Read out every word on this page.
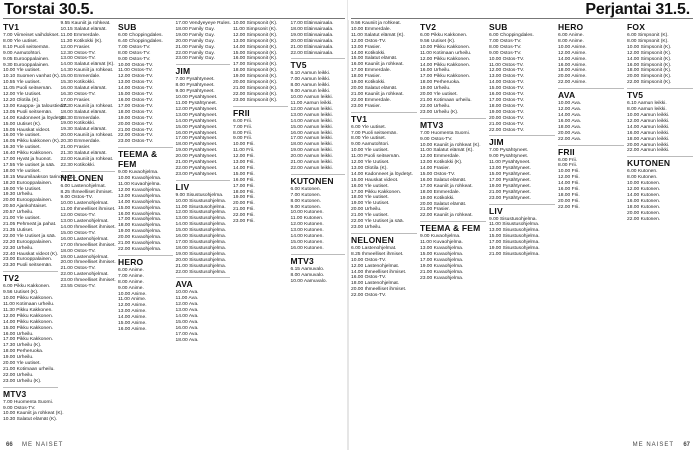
Torstai 30.5.
TV1
7.00 Viimeiset vaihdokset.
8.00 Yle uutiset.
8.10 Puoli seitsemän.
9.00 Aamutohtori.
9.05 Eurooppalainen.
9.30 Eurooppalainen.
10.00 Yle uutiset.
10.10 Suomen vanhat (K).
10.55 Yle uutiset.
11.05 Puoli seitsemän.
12.00 Yle Uutiset.
12.20 Olotila (K).
13.00 Kauppa- ja taloustiedot.
13.05 Puoli seitsemän.
14.00 Kadonneet ja löydetyt.
15.00 Uutiset (K).
15.05 Hauskat videot.
16.00 Yle uutiset.
16.05 Pikku kakkonen (K).
16.30 Yle uutiset.
16.40 Pikku Kakkonen.
17.00 Hyvät ja huonot.
17.55 Yle uutiset ja sää.
18.00 Yle uutiset.
18.15 Muumilaakson tarinoita (K).
18.20 Eurooppalainen.
19.00 Yle Uutiset.
19.30 Urheilu.
20.00 Eurooppalainen.
20.50 Ajankohtaiset.
20.57 Urheilu.
21.00 Yle uutiset.
21.05 Pehmeät ja pahat.
21.35 Uutiset.
22.00 Yle Uutiset ja sää.
22.20 Eurooppalainen.
22.30 Urheilu.
22.40 Hauskat videot (K).
23.00 Eurooppalainen.
23.30 Puoli seitsemän.
TV2
6.00 Pikku Kakkonen.
9.56 Uutiset (K).
10.00 Pikku Kakkonen.
11.00 Kotimaan urheilu.
11.30 Pikku Kakkonen.
12.00 Pikku Kakkonen.
14.00 Pikku Kakkonen.
15.00 Pikku Kakkonen.
16.00 Urheilu.
17.00 Pikku Kakkonen.
17.30 Urheilu (K).
18.00 Perheruoka.
19.00 Urheilu.
20.00 Yle uutiset.
21.00 Kotimaan urheilu.
22.00 Urheilu.
23.00 Urheilu (K).
MTV3
7.00 Huomenta Suomi.
9.00 Ostos-TV.
10.00 Kauniit ja rohkeat (K).
10.30 Salatut elämät (K).
9.55 Kauniit ja rohkeat.
10.15 Salatut elämät.
11.00 Emmerdale.
11.30 Kotikokki (K).
12.00 Frasier.
12.30 Ostos-TV.
13.00 Ostos-TV.
14.00 Salatut elämät (K).
14.30 Kauniit ja rohkeat.
15.00 Emmerdale.
15.30 Kotikokki.
16.00 Salatut elämät.
16.30 Ostos-TV.
17.00 Frasier.
17.30 Kauniit ja rohkeat.
18.00 Salatut elämät.
18.30 Emmerdale.
19.00 Kotikokki.
19.30 Salatut elämät.
20.00 Kauniit ja rohkeat.
20.30 Emmerdale.
21.00 Frasier.
21.30 Salatut elämät.
22.00 Kauniit ja rohkeat.
22.30 Kotikokki.
NELONEN
6.00 Lastenohjelmat.
8.25 Ihmeelliset ihmiset.
9.00 Ostos-TV.
10.00 Lastenohjelmat.
11.00 Ihmeelliset ihmiset.
12.00 Ostos-TV.
13.00 Lastenohjelmat.
14.00 Ihmeelliset ihmiset.
15.00 Ostos-TV.
16.00 Lastenohjelmat.
17.00 Ihmeelliset ihmiset.
18.00 Ostos-TV.
19.00 Lastenohjelmat.
20.00 Ihmeelliset ihmiset.
21.00 Ostos-TV.
22.00 Lastenohjelmat.
23.00 Ihmeelliset ihmiset.
23.55 Ostos-TV.
SUB
6.00 Choppingdales.
6.40 Choppingdales.
7.00 Ostos-TV.
8.00 Ostos-TV.
9.00 Ostos-TV.
10.00 Ostos-TV.
11.00 Ostos-TV.
12.00 Ostos-TV.
13.00 Ostos-TV.
14.00 Ostos-TV.
15.00 Ostos-TV.
16.00 Ostos-TV.
17.00 Ostos-TV.
18.00 Ostos-TV.
19.00 Ostos-TV.
20.00 Ostos-TV.
21.00 Ostos-TV.
22.00 Ostos-TV.
23.00 Ostos-TV.
TEEMA & FEM
9.00 Kuvaohjelma.
10.00 Kuvaohjelma.
11.00 Kuvaohjelma.
12.00 Kuvaohjelma.
13.00 Kuvaohjelma.
14.00 Kuvaohjelma.
15.00 Kuvaohjelma.
16.00 Kuvaohjelma.
17.00 Kuvaohjelma.
18.00 Kuvaohjelma.
19.00 Kuvaohjelma.
20.00 Kuvaohjelma.
21.00 Kuvaohjelma.
22.00 Kuvaohjelma.
HERO
6.00 Anime.
7.00 Anime.
8.00 Anime.
9.00 Anime.
10.00 Anime.
11.00 Anime.
12.00 Anime.
13.00 Anime.
14.00 Anime.
15.00 Anime.
16.00 Anime.
17.00 Vendyeyeye Rules.
18.00 Family Guy.
19.00 Family Guy.
20.00 Family Guy.
21.00 Family Guy.
22.00 Family Guy.
23.00 Family Guy.
JIM
7.00 Pysähtyneet.
8.00 Pysähtyneet.
9.00 Pysähtyneet.
10.00 Pysähtyneet.
11.00 Pysähtyneet.
12.00 Pysähtyneet.
13.00 Pysähtyneet.
14.00 Pysähtyneet.
15.00 Pysähtyneet.
16.00 Pysähtyneet.
17.00 Pysähtyneet.
18.00 Pysähtyneet.
19.00 Pysähtyneet.
20.00 Pysähtyneet.
21.00 Pysähtyneet.
22.00 Pysähtyneet.
23.00 Pysähtyneet.
LIV
9.00 Sisustusohjelma.
10.00 Sisustusohjelma.
11.00 Sisustusohjelma.
12.00 Sisustusohjelma.
13.00 Sisustusohjelma.
14.00 Sisustusohjelma.
15.00 Sisustusohjelma.
16.00 Sisustusohjelma.
17.00 Sisustusohjelma.
18.00 Sisustusohjelma.
19.00 Sisustusohjelma.
20.00 Sisustusohjelma.
21.00 Sisustusohjelma.
22.00 Sisustusohjelma.
AVA
10.00 Ava.
11.00 Ava.
12.00 Ava.
13.00 Ava.
14.00 Ava.
15.00 Ava.
16.00 Ava.
17.00 Ava.
18.00 Ava.
10.00 Simpsonit (K).
11.00 Simpsonit (K).
12.00 Simpsonit (K).
13.00 Simpsonit (K).
14.00 Simpsonit (K).
15.00 Simpsonit (K).
16.00 Simpsonit (K).
17.00 Simpsonit (K).
18.00 Simpsonit (K).
19.00 Simpsonit (K).
20.00 Simpsonit (K).
21.00 Simpsonit (K).
22.00 Simpsonit (K).
23.00 Simpsonit (K).
FRII
6.00 Frii.
7.00 Frii.
8.00 Frii.
9.00 Frii.
10.00 Frii.
11.00 Frii.
12.00 Frii.
13.00 Frii.
14.00 Frii.
15.00 Frii.
16.00 Frii.
17.00 Frii.
18.00 Frii.
19.00 Frii.
20.00 Frii.
21.00 Frii.
22.00 Frii.
23.00 Frii.
17.00 Eläinsairaala.
18.00 Eläinsairaala.
19.00 Eläinsairaala.
20.00 Eläinsairaala.
21.00 Eläinsairaala.
22.00 Eläinsairaala.
TV5
6.10 Aamun leikki.
7.00 Aamun leikki.
8.00 Aamun leikki.
9.00 Aamun leikki.
10.00 Aamun leikki.
11.00 Aamun leikki.
12.00 Aamun leikki.
13.00 Aamun leikki.
14.00 Aamun leikki.
15.00 Aamun leikki.
16.00 Aamun leikki.
17.00 Aamun leikki.
18.00 Aamun leikki.
19.00 Aamun leikki.
20.00 Aamun leikki.
21.00 Aamun leikki.
22.00 Aamun leikki.
KUTONEN
6.00 Kutonen.
7.00 Kutonen.
8.00 Kutonen.
9.00 Kutonen.
10.00 Kutonen.
11.00 Kutonen.
12.00 Kutonen.
13.00 Kutonen.
14.00 Kutonen.
15.00 Kutonen.
16.00 Kutonen.
MTV3
6.15 Aamuvalo.
8.00 Aamuvalo.
10.00 Aamuvalo.
66 ME NAISET
Perjantai 31.5.
9.56 Kauniit ja rohkeat.
10.00 Emmerdale.
11.00 Salatut elämät (K).
12.00 Ostos-TV.
13.00 Frasier.
14.00 Kotikokki.
15.00 Salatut elämät.
16.00 Kauniit ja rohkeat.
17.00 Emmerdale.
18.00 Frasier.
19.00 Kotikokki.
20.00 Salatut elämät.
21.00 Kauniit ja rohkeat.
22.00 Emmerdale.
23.00 Frasier.
TV1
6.00 Yle uutiset.
7.00 Puoli seitsemän.
8.00 Yle uutiset.
9.00 Aamutohtori.
10.00 Yle uutiset.
11.00 Puoli seitsemän.
12.00 Yle Uutiset.
13.00 Olotila (K).
14.00 Kadonneet ja löydetyt.
15.00 Hauskat videot.
16.00 Yle uutiset.
17.00 Pikku Kakkonen.
18.00 Yle uutiset.
19.00 Yle Uutiset.
20.00 Urheilu.
21.00 Yle uutiset.
22.00 Yle Uutiset ja sää.
23.00 Urheilu.
NELONEN
6.00 Lastenohjelmat.
8.25 Ihmeelliset ihmiset.
10.00 Ostos-TV.
12.00 Lastenohjelmat.
14.00 Ihmeelliset ihmiset.
16.00 Ostos-TV.
18.00 Lastenohjelmat.
20.00 Ihmeelliset ihmiset.
22.00 Ostos-TV.
TV2
6.00 Pikku Kakkonen.
9.56 Uutiset (K).
10.00 Pikku Kakkonen.
11.00 Kotimaan urheilu.
12.00 Pikku Kakkonen.
14.00 Pikku Kakkonen.
16.00 Urheilu.
17.00 Pikku Kakkonen.
18.00 Perheruoka.
19.00 Urheilu.
20.00 Yle uutiset.
21.00 Kotimaan urheilu.
22.00 Urheilu.
23.00 Urheilu (K).
MTV3
7.00 Huomenta Suomi.
9.00 Ostos-TV.
10.00 Kauniit ja rohkeat (K).
11.00 Salatut elämät (K).
12.00 Emmerdale.
13.00 Kotikokki (K).
14.00 Frasier.
15.00 Ostos-TV.
16.00 Salatut elämät.
17.00 Kauniit ja rohkeat.
18.00 Emmerdale.
19.00 Kotikokki.
20.00 Salatut elämät.
21.00 Frasier.
22.00 Kauniit ja rohkeat.
TEEMA & FEM
9.00 Kuvaohjelma.
11.00 Kuvaohjelma.
13.00 Kuvaohjelma.
15.00 Kuvaohjelma.
17.00 Kuvaohjelma.
19.00 Kuvaohjelma.
21.00 Kuvaohjelma.
23.00 Kuvaohjelma.
SUB
6.00 Choppingdales.
7.00 Ostos-TV.
8.00 Ostos-TV.
9.00 Ostos-TV.
10.00 Ostos-TV.
11.00 Ostos-TV.
12.00 Ostos-TV.
13.00 Ostos-TV.
14.00 Ostos-TV.
15.00 Ostos-TV.
16.00 Ostos-TV.
17.00 Ostos-TV.
18.00 Ostos-TV.
19.00 Ostos-TV.
20.00 Ostos-TV.
21.00 Ostos-TV.
22.00 Ostos-TV.
JIM
7.00 Pysähtyneet.
9.00 Pysähtyneet.
11.00 Pysähtyneet.
13.00 Pysähtyneet.
15.00 Pysähtyneet.
17.00 Pysähtyneet.
19.00 Pysähtyneet.
21.00 Pysähtyneet.
23.00 Pysähtyneet.
LIV
9.00 Sisustusohjelma.
11.00 Sisustusohjelma.
13.00 Sisustusohjelma.
15.00 Sisustusohjelma.
17.00 Sisustusohjelma.
19.00 Sisustusohjelma.
21.00 Sisustusohjelma.
HERO
6.00 Anime.
8.00 Anime.
10.00 Anime.
12.00 Anime.
14.00 Anime.
16.00 Anime.
18.00 Anime.
20.00 Anime.
22.00 Anime.
AVA
10.00 Ava.
12.00 Ava.
14.00 Ava.
16.00 Ava.
18.00 Ava.
20.00 Ava.
22.00 Ava.
FRII
6.00 Frii.
8.00 Frii.
10.00 Frii.
12.00 Frii.
14.00 Frii.
16.00 Frii.
18.00 Frii.
20.00 Frii.
22.00 Frii.
FOX
6.00 Simpsonit (K).
8.00 Simpsonit (K).
10.00 Simpsonit (K).
12.00 Simpsonit (K).
14.00 Simpsonit (K).
16.00 Simpsonit (K).
18.00 Simpsonit (K).
20.00 Simpsonit (K).
22.00 Simpsonit (K).
TV5
6.10 Aamun leikki.
8.00 Aamun leikki.
10.00 Aamun leikki.
12.00 Aamun leikki.
14.00 Aamun leikki.
16.00 Aamun leikki.
18.00 Aamun leikki.
20.00 Aamun leikki.
22.00 Aamun leikki.
KUTONEN
6.00 Kutonen.
8.00 Kutonen.
10.00 Kutonen.
12.00 Kutonen.
14.00 Kutonen.
16.00 Kutonen.
18.00 Kutonen.
20.00 Kutonen.
22.00 Kutonen.
67
ME NAISET
